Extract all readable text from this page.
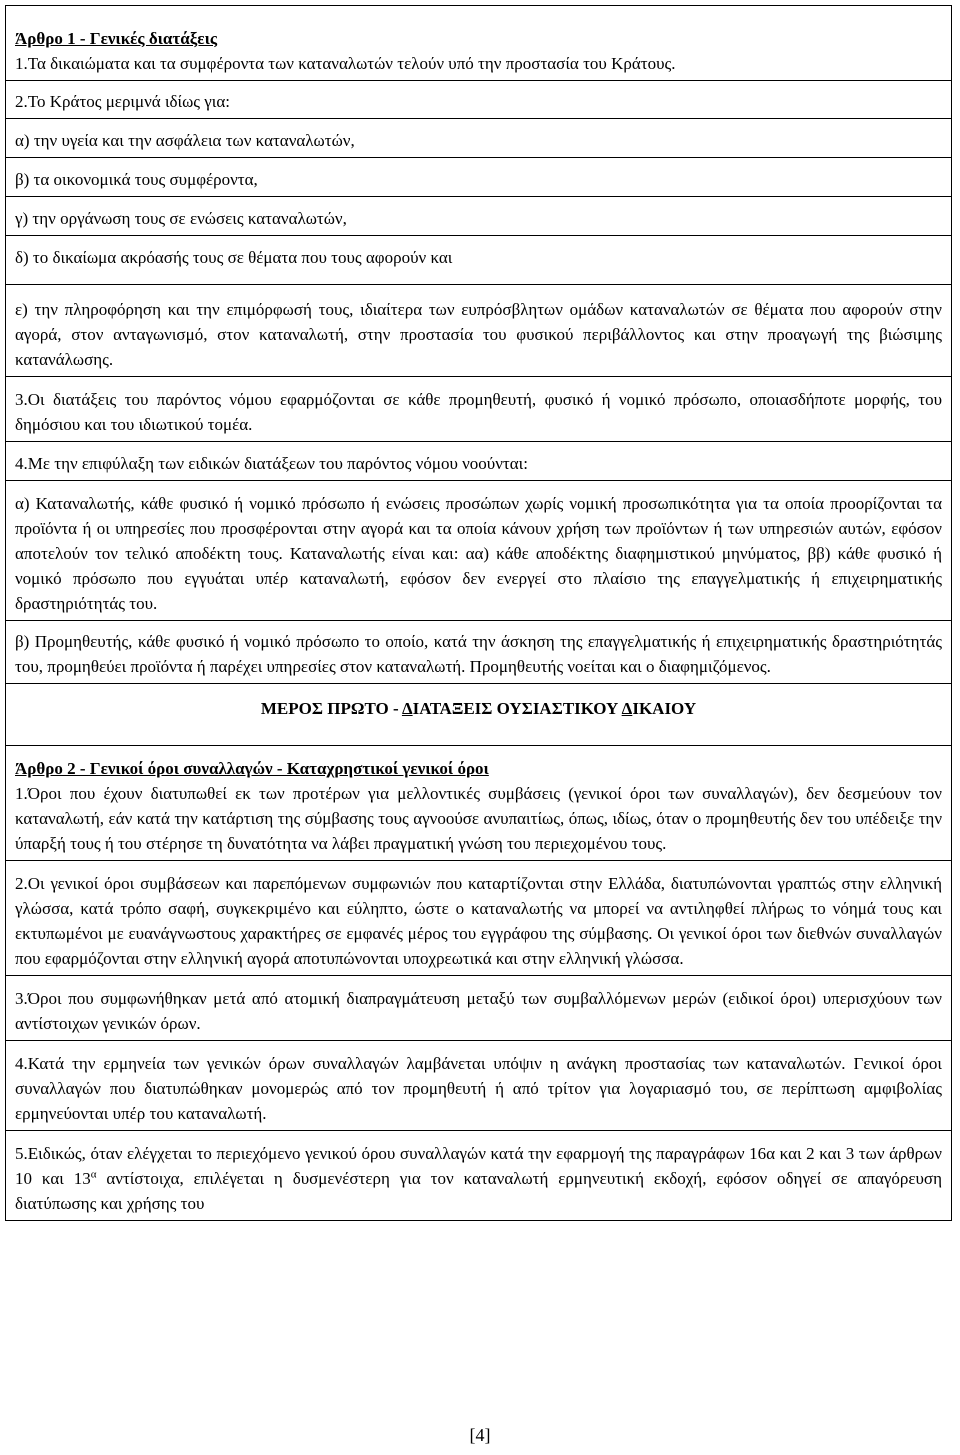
Άρθρο 1 - Γενικές διατάξεις

1.Τα δικαιώματα και τα συμφέροντα των καταναλωτών τελούν υπό την προστασία του Κράτους.

2.Το Κράτος μεριμνά ιδίως για:

α) την υγεία και την ασφάλεια των καταναλωτών,

β) τα οικονομικά τους συμφέροντα,

γ) την οργάνωση τους σε ενώσεις καταναλωτών,

δ) το δικαίωμα ακρόασής τους σε θέματα που τους αφορούν και

ε) την πληροφόρηση και την επιμόρφωσή τους, ιδιαίτερα των ευπρόσβλητων ομάδων καταναλωτών σε θέματα που αφορούν στην αγορά, στον ανταγωνισμό, στον καταναλωτή, στην προστασία του φυσικού περιβάλλοντος και στην προαγωγή της βιώσιμης κατανάλωσης.

3.Οι διατάξεις του παρόντος νόμου εφαρμόζονται σε κάθε προμηθευτή, φυσικό ή νομικό πρόσωπο, οποιασδήποτε μορφής, του δημόσιου και του ιδιωτικού τομέα.

4.Με την επιφύλαξη των ειδικών διατάξεων του παρόντος νόμου νοούνται:

α) Καταναλωτής, κάθε φυσικό ή νομικό πρόσωπο ή ενώσεις προσώπων χωρίς νομική προσωπικότητα για τα οποία προορίζονται τα προϊόντα ή οι υπηρεσίες που προσφέρονται στην αγορά και τα οποία κάνουν χρήση των προϊόντων ή των υπηρεσιών αυτών, εφόσον αποτελούν τον τελικό αποδέκτη τους. Καταναλωτής είναι και: αα) κάθε αποδέκτης διαφημιστικού μηνύματος, ββ) κάθε φυσικό ή νομικό πρόσωπο που εγγυάται υπέρ καταναλωτή, εφόσον δεν ενεργεί στο πλαίσιο της επαγγελματικής ή επιχειρηματικής δραστηριότητάς του.

β) Προμηθευτής, κάθε φυσικό ή νομικό πρόσωπο το οποίο, κατά την άσκηση της επαγγελματικής ή επιχειρηματικής δραστηριότητάς του, προμηθεύει προϊόντα ή παρέχει υπηρεσίες στον καταναλωτή. Προμηθευτής νοείται και ο διαφημιζόμενος.

ΜΕΡΟΣ ΠΡΩΤΟ - ΔΙΑΤΑΞΕΙΣ ΟΥΣΙΑΣΤΙΚΟΥ ΔΙΚΑΙΟΥ

Άρθρο 2 - Γενικοί όροι συναλλαγών - Καταχρηστικοί γενικοί όροι

1.Όροι που έχουν διατυπωθεί εκ των προτέρων για μελλοντικές συμβάσεις (γενικοί όροι των συναλλαγών), δεν δεσμεύουν τον καταναλωτή, εάν κατά την κατάρτιση της σύμβασης τους αγνοούσε ανυπαιτίως, όπως, ιδίως, όταν ο προμηθευτής δεν του υπέδειξε την ύπαρξή τους ή του στέρησε τη δυνατότητα να λάβει πραγματική γνώση του περιεχομένου τους.

2.Οι γενικοί όροι συμβάσεων και παρεπόμενων συμφωνιών που καταρτίζονται στην Ελλάδα, διατυπώνονται γραπτώς στην ελληνική γλώσσα, κατά τρόπο σαφή, συγκεκριμένο και εύληπτο, ώστε ο καταναλωτής να μπορεί να αντιληφθεί πλήρως το νόημά τους και εκτυπωμένοι με ευανάγνωστους χαρακτήρες σε εμφανές μέρος του εγγράφου της σύμβασης. Οι γενικοί όροι των διεθνών συναλλαγών που εφαρμόζονται στην ελληνική αγορά αποτυπώνονται υποχρεωτικά και στην ελληνική γλώσσα.

3.Όροι που συμφωνήθηκαν μετά από ατομική διαπραγμάτευση μεταξύ των συμβαλλόμενων μερών (ειδικοί όροι) υπερισχύουν των αντίστοιχων γενικών όρων.

4.Κατά την ερμηνεία των γενικών όρων συναλλαγών λαμβάνεται υπόψιν η ανάγκη προστασίας των καταναλωτών. Γενικοί όροι συναλλαγών που διατυπώθηκαν μονομερώς από τον προμηθευτή ή από τρίτον για λογαριασμό του, σε περίπτωση αμφιβολίας ερμηνεύονται υπέρ του καταναλωτή.

5.Ειδικώς, όταν ελέγχεται το περιεχόμενο γενικού όρου συναλλαγών κατά την εφαρμογή της παραγράφων 16α και 2 και 3 των άρθρων 10 και $13^\alpha$ αντίστοιχα, επιλέγεται η δυσμενέστερη για τον καταναλωτή ερμηνευτική εκδοχή, εφόσον οδηγεί σε απαγόρευση διατύπωσης και χρήσης του

[4]
